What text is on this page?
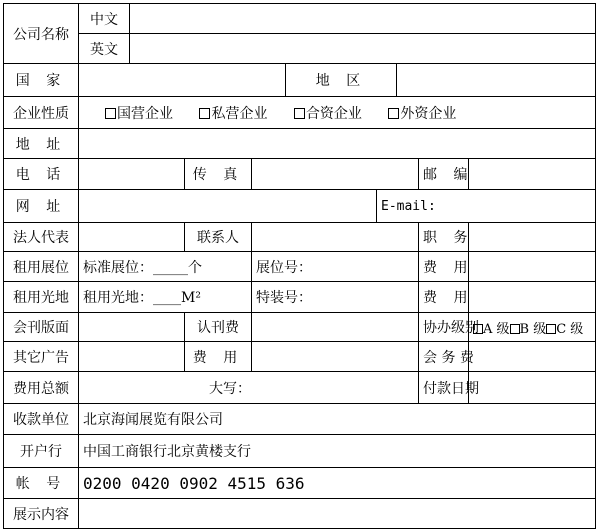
公司名称	中文								
	英文								
国 家					地 区				
企业性质	国营企业 私营企业 合资企业 外资企业								
地 址									
电 话			传 真					邮 编	
网 址						E-mail:			
法人代表			联系人					职 务	
租用展位	标准展位：_____个			展位号：				费 用	
租用光地	租用光地：____M²			特装号：				费 用	
会刊版面			认刊费					协办级别	A 级 B 级 C 级
其它广告			费 用					会 务 费	
费用总额	大写：							付款日期	
收款单位	北京海闻展览有限公司								
开户行	中国工商银行北京黄楼支行								
帐 号	0200 0420 0902 4515 636								
展示内容									
